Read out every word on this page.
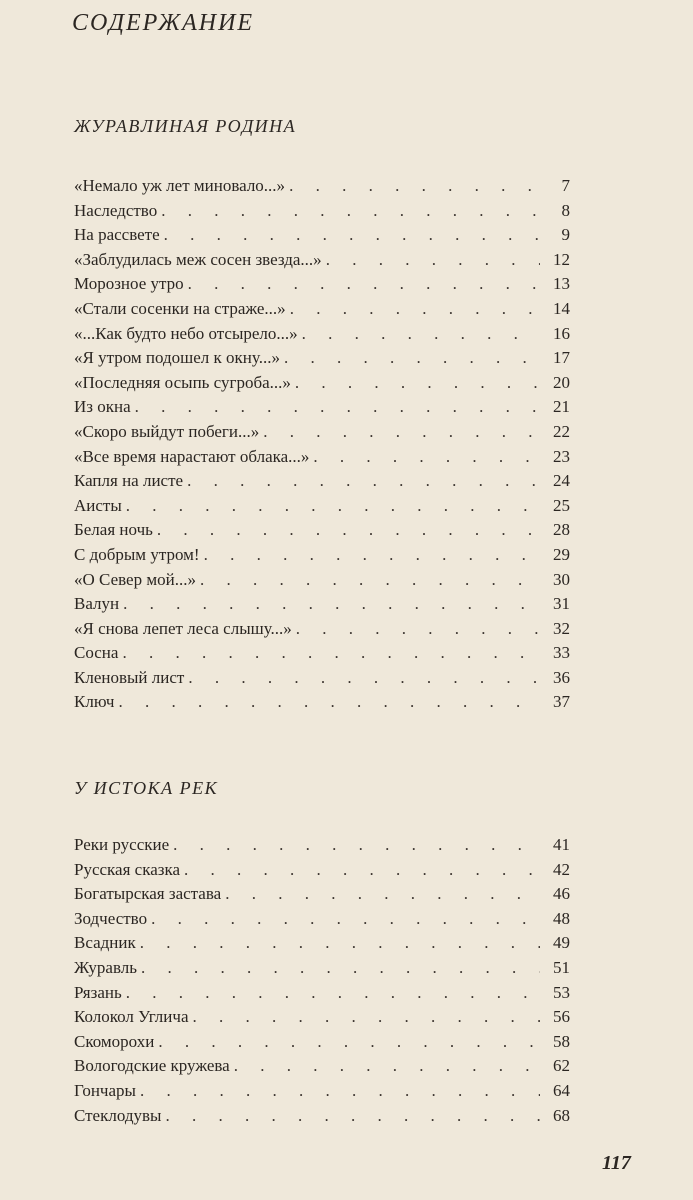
СОДЕРЖАНИЕ
ЖУРАВЛИНАЯ РОДИНА
«Немало уж лет миновало...» . . .	7
Наследство . . .	8
На рассвете . . .	9
«Заблудилась меж сосен звезда...» . . .	12
Морозное утро . . .	13
«Стали сосенки на страже...» . . .	14
«...Как будто небо отсырело...» . . .	16
«Я утром подошел к окну...» . . .	17
«Последняя осыпь сугроба...» . . .	20
Из окна . . .	21
«Скоро выйдут побеги...» . . .	22
«Все время нарастают облака...» . . .	23
Капля на листе . . .	24
Аисты . . .	25
Белая ночь . . .	28
С добрым утром! . . .	29
«О Север мой...» . . .	30
Валун . . .	31
«Я снова лепет леса слышу...» . . .	32
Сосна . . .	33
Кленовый лист . . .	36
Ключ . . .	37
У ИСТОКА РЕК
Реки русские . . .	41
Русская сказка . . .	42
Богатырская застава . . .	46
Зодчество . . .	48
Всадник . . .	49
Журавль . . .	51
Рязань . . .	53
Колокол Углича . . .	56
Скоморохи . . .	58
Вологодские кружева . . .	62
Гончары . . .	64
Стеклодувы . . .	68
117
